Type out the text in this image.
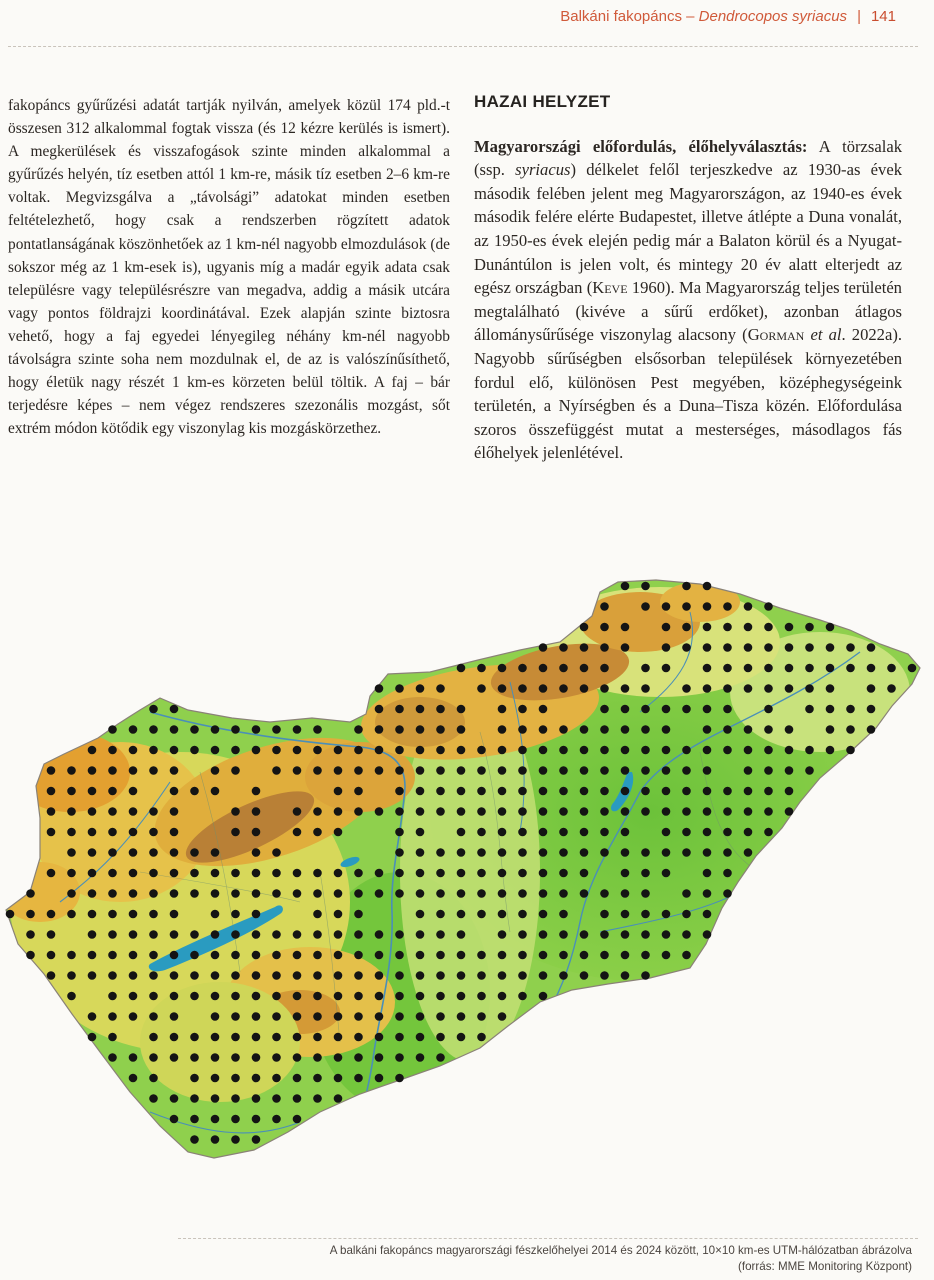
Balkáni fakopáncs – Dendrocopos syriacus | 141

fakopáncs gyűrűzési adatát tartják nyilván, amelyek közül 174 pld.-t összesen 312 alkalommal fogtak vissza (és 12 kézre kerülés is ismert). A megkerülések és visszafogások szinte minden alkalommal a gyűrűzés helyén, tíz esetben attól 1 km-re, másik tíz esetben 2–6 km-re voltak. Megvizsgálva a „távolsági” adatokat minden esetben feltételezhető, hogy csak a rendszerben rögzített adatok pontatlanságának köszönhetőek az 1 km-nél nagyobb elmozdulások (de sokszor még az 1 km-esek is), ugyanis míg a madár egyik adata csak településre vagy településrészre van megadva, addig a másik utcára vagy pontos földrajzi koordinátával. Ezek alapján szinte biztosra vehető, hogy a faj egyedei lényegileg néhány km-nél nagyobb távolságra szinte soha nem mozdulnak el, de az is valószínűsíthető, hogy életük nagy részét 1 km-es körzeten belül töltik. A faj – bár terjedésre képes – nem végez rendszeres szezonális mozgást, sőt extrém módon kötődik egy viszonylag kis mozgáskörzethez.

HAZAI HELYZET

Magyarországi előfordulás, élőhelyválasztás: A törzsalak (ssp. syriacus) délkelet felől terjeszkedve az 1930-as évek második felében jelent meg Magyarországon, az 1940-es évek második felére elérte Budapestet, illetve átlépte a Duna vonalát, az 1950-es évek elején pedig már a Balaton körül és a Nyugat-Dunántúlon is jelen volt, és mintegy 20 év alatt elterjedt az egész országban (Keve 1960). Ma Magyarország teljes területén megtalálható (kivéve a sűrű erdőket), azonban átlagos állománysűrűsége viszonylag alacsony (Gorman et al. 2022a). Nagyobb sűrűségben elsősorban települések környezetében fordul elő, különösen Pest megyében, középhegységeink területén, a Nyírségben és a Duna–Tisza közén. Előfordulása szoros összefüggést mutat a mesterséges, másodlagos fás élőhelyek jelenlétével.

A balkáni fakopáncs magyarországi fészkelőhelyei 2014 és 2024 között, 10×10 km-es UTM-hálózatban ábrázolva
(forrás: MME Monitoring Központ)
